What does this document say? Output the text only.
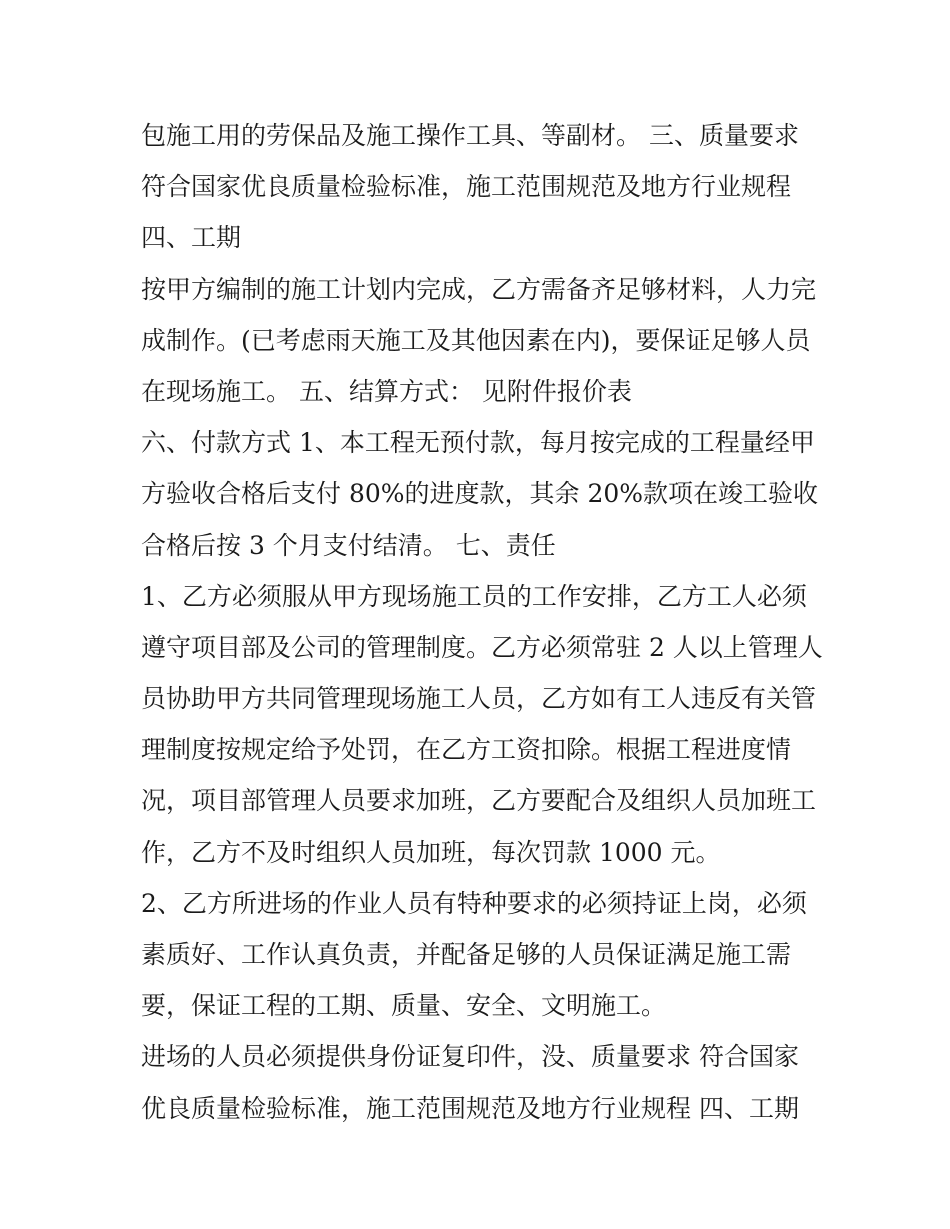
包施工用的劳保品及施工操作工具、等副材。 三、质量要求
符合国家优良质量检验标准，施工范围规范及地方行业规程
四、工期
按甲方编制的施工计划内完成，乙方需备齐足够材料，人力完
成制作。(已考虑雨天施工及其他因素在内)，要保证足够人员
在现场施工。 五、结算方式： 见附件报价表
六、付款方式 1、本工程无预付款，每月按完成的工程量经甲
方验收合格后支付 80%的进度款，其余 20%款项在竣工验收
合格后按 3 个月支付结清。 七、责任
1、乙方必须服从甲方现场施工员的工作安排，乙方工人必须
遵守项目部及公司的管理制度。乙方必须常驻 2 人以上管理人
员协助甲方共同管理现场施工人员，乙方如有工人违反有关管
理制度按规定给予处罚，在乙方工资扣除。根据工程进度情
况，项目部管理人员要求加班，乙方要配合及组织人员加班工
作，乙方不及时组织人员加班，每次罚款 1000 元。
2、乙方所进场的作业人员有特种要求的必须持证上岗，必须
素质好、工作认真负责，并配备足够的人员保证满足施工需
要，保证工程的工期、质量、安全、文明施工。
进场的人员必须提供身份证复印件，没、质量要求 符合国家
优良质量检验标准，施工范围规范及地方行业规程 四、工期
